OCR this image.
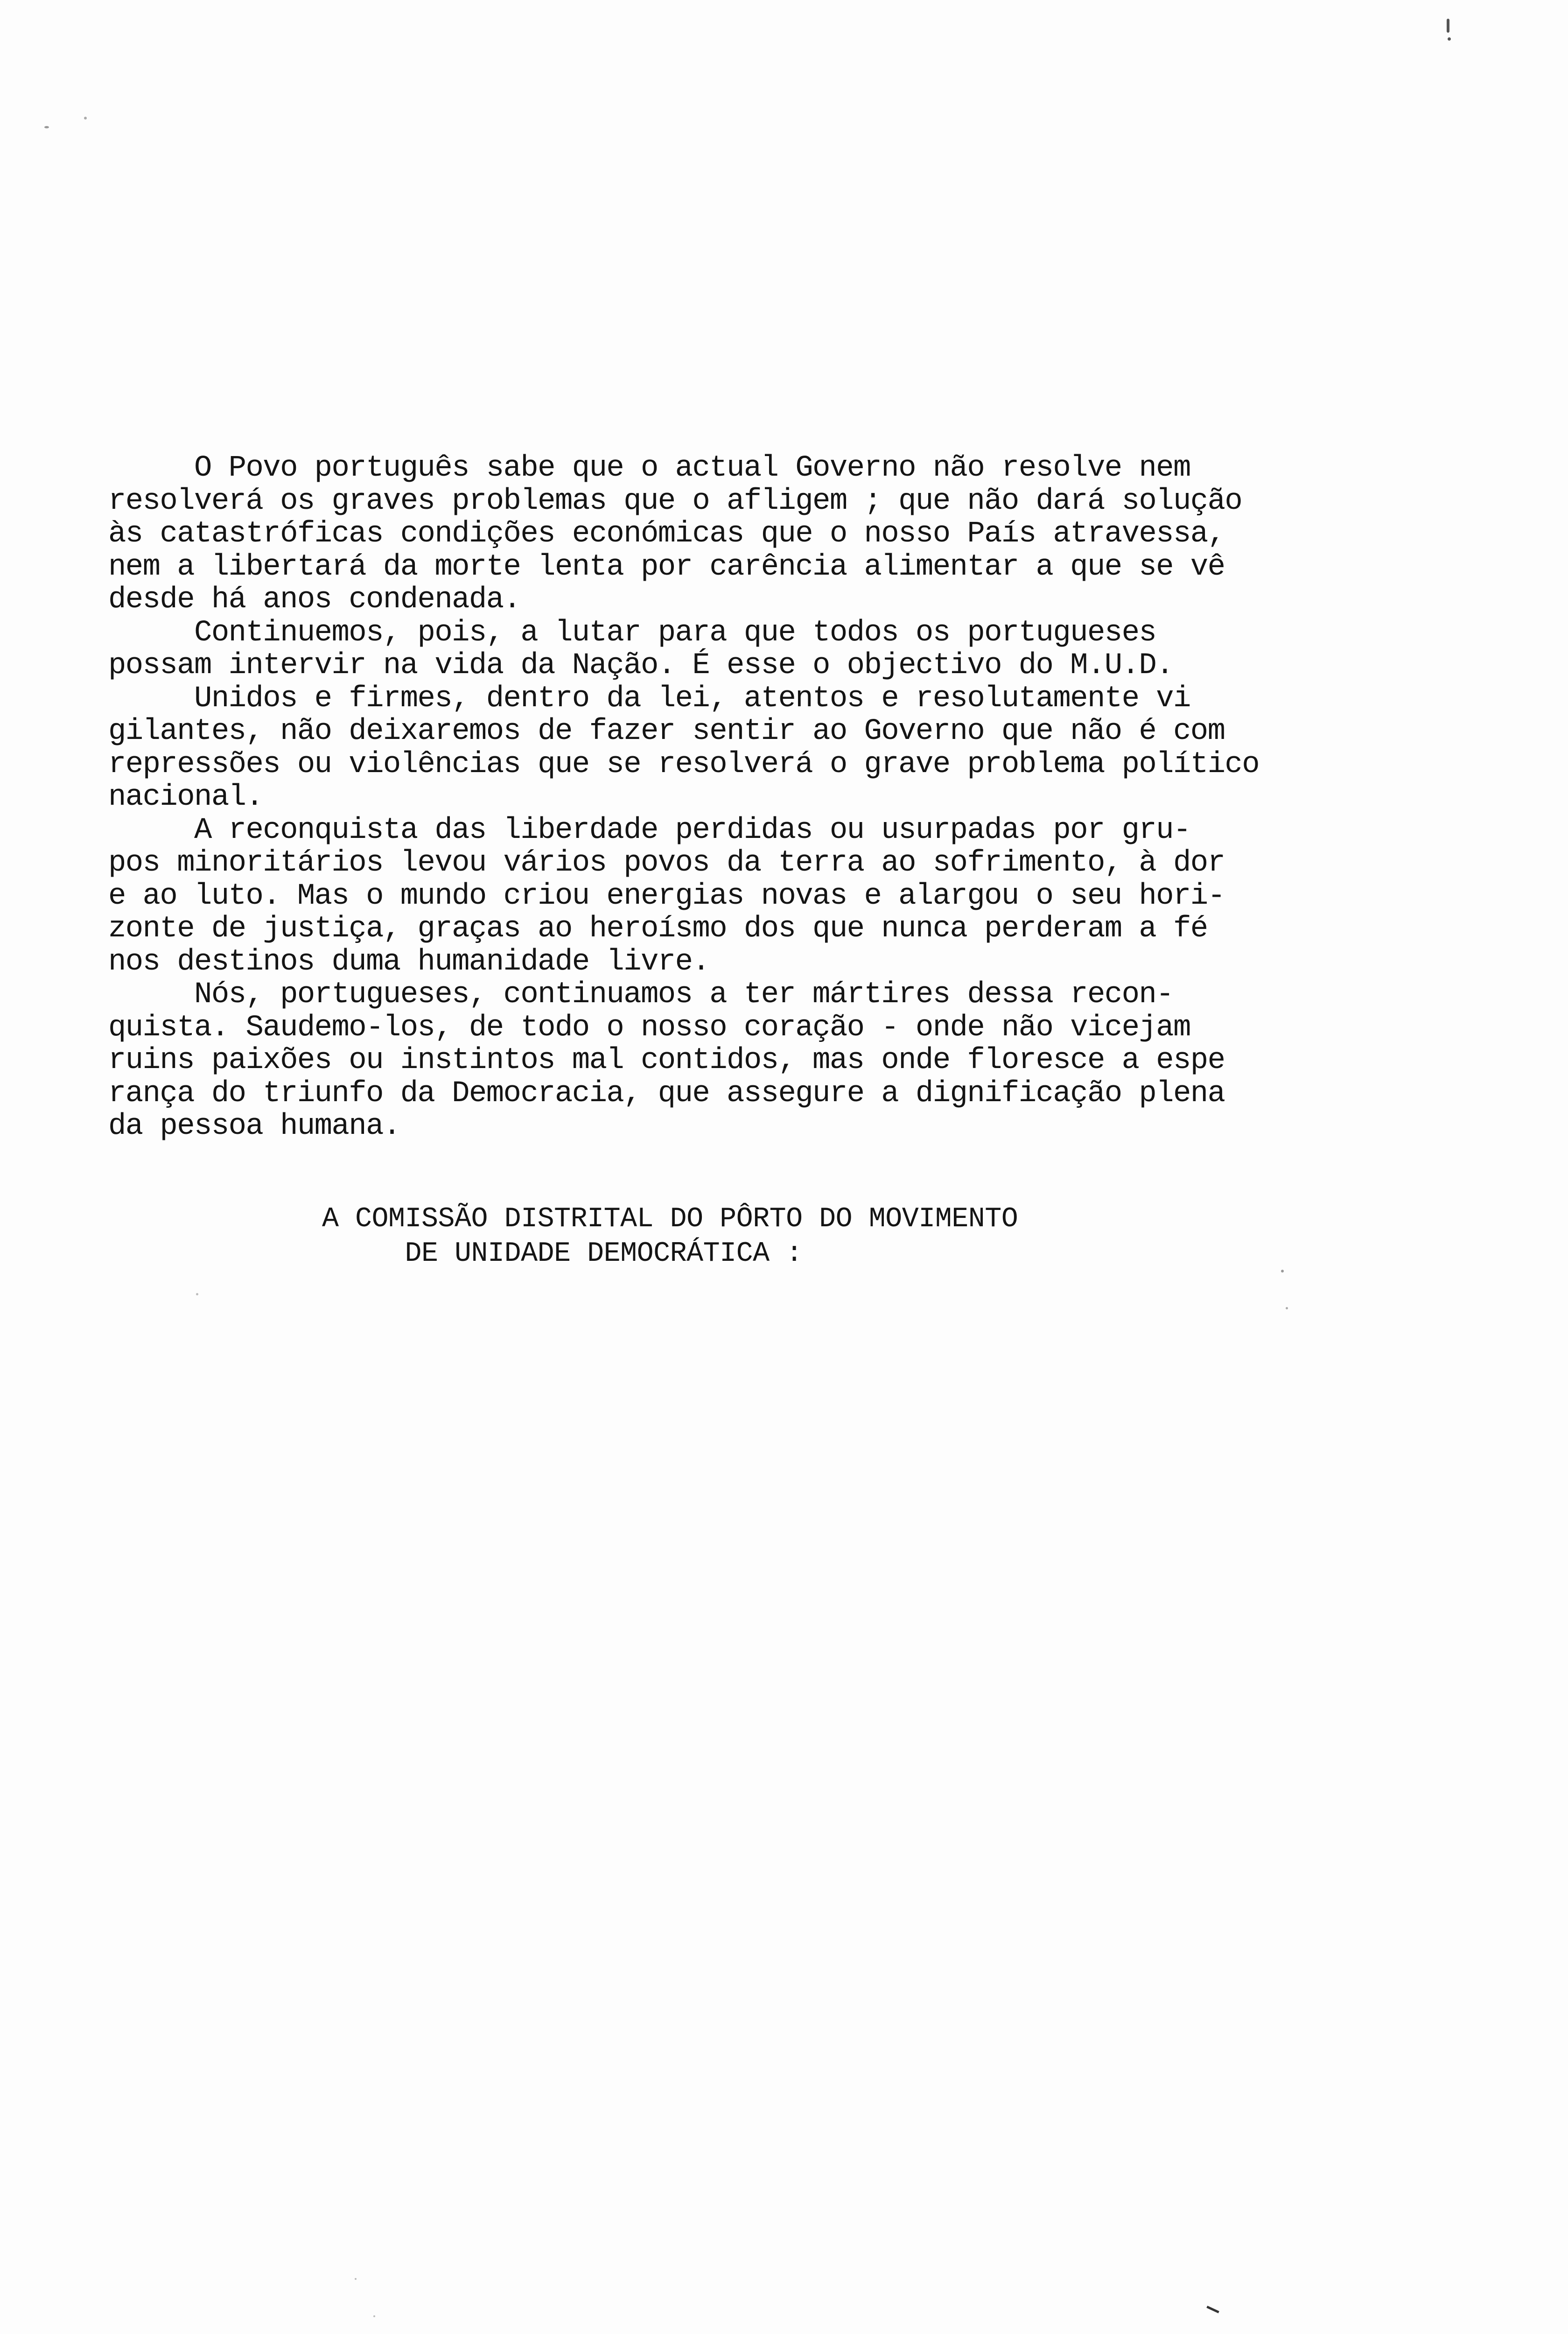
O Povo português sabe que o actual Governo não resolve nem
resolverá os graves problemas que o afligem ; que não dará solução
às catastróficas condições económicas que o nosso País atravessa,
nem a libertará da morte lenta por carência alimentar a que se vê
desde há anos condenada.
Continuemos, pois, a lutar para que todos os portugueses
possam intervir na vida da Nação. É esse o objectivo do M.U.D.
Unidos e firmes, dentro da lei, atentos e resolutamente vi
gilantes, não deixaremos de fazer sentir ao Governo que não é com
repressões ou violências que se resolverá o grave problema político
nacional.
A reconquista das liberdade perdidas ou usurpadas por gru-
pos minoritários levou vários povos da terra ao sofrimento, à dor
e ao luto. Mas o mundo criou energias novas e alargou o seu hori-
zonte de justiça, graças ao heroísmo dos que nunca perderam a fé
nos destinos duma humanidade livre.
Nós, portugueses, continuamos a ter mártires dessa recon-
quista. Saudemo-los, de todo o nosso coração - onde não vicejam
ruins paixões ou instintos mal contidos, mas onde floresce a espe
rança do triunfo da Democracia, que assegure a dignificação plena
da pessoa humana.
A COMISSÃO DISTRITAL DO PÔRTO DO MOVIMENTO
DE UNIDADE DEMOCRÁTICA :
